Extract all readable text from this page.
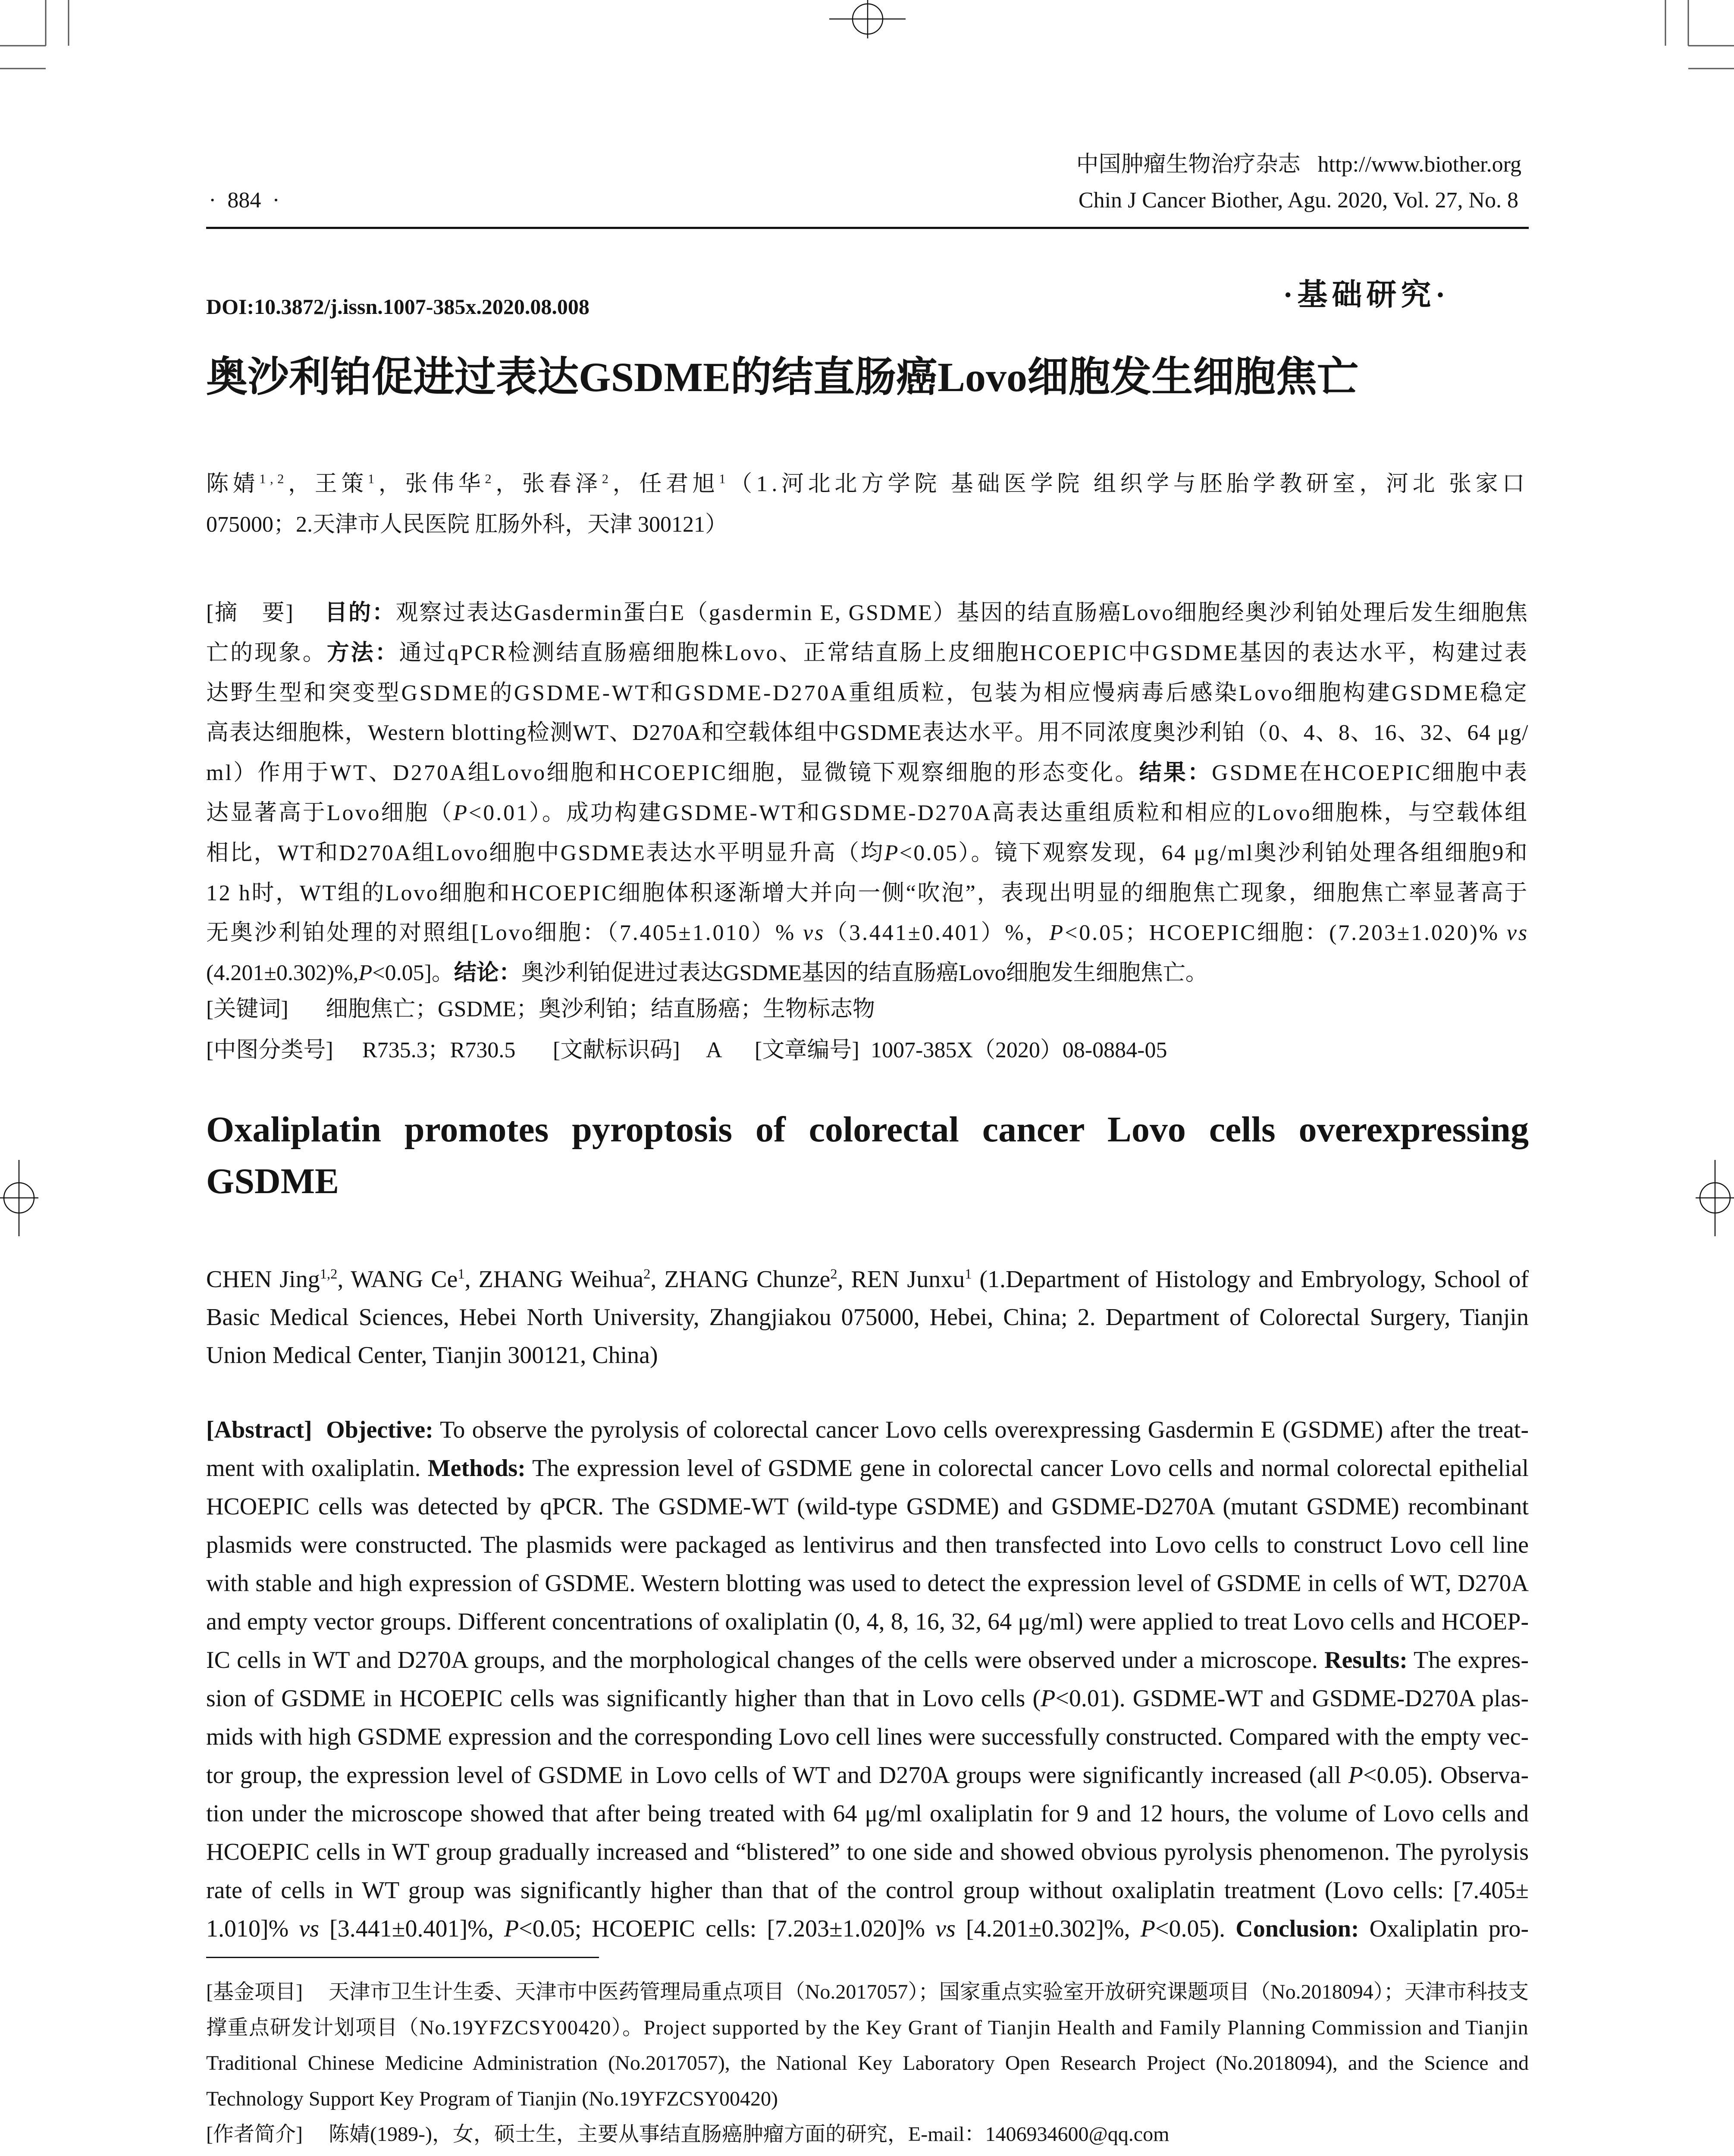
中国肿瘤生物治疗杂志 http://www.biother.org
·  884  ·	Chin J Cancer Biother, Agu. 2020, Vol. 27, No. 8
DOI:10.3872/j.issn.1007-385x.2020.08.008	·基础研究·
奥沙利铂促进过表达GSDME的结直肠癌Lovo细胞发生细胞焦亡
陈婧$^{1,2}$，王策$^1$，张伟华$^2$，张春泽$^2$，任君旭$^1$（1.河北北方学院 基础医学院 组织学与胚胎学教研室，河北 张家口
075000；2.天津市人民医院 肛肠外科，天津 300121）
[摘　要]　 目的：观察过表达Gasdermin蛋白E（gasdermin E, GSDME）基因的结直肠癌Lovo细胞经奥沙利铂处理后发生细胞焦
亡的现象。方法：通过qPCR检测结直肠癌细胞株Lovo、正常结直肠上皮细胞HCOEPIC中GSDME基因的表达水平，构建过表
达野生型和突变型GSDME的GSDME-WT和GSDME-D270A重组质粒，包装为相应慢病毒后感染Lovo细胞构建GSDME稳定
高表达细胞株，Western blotting检测WT、D270A和空载体组中GSDME表达水平。用不同浓度奥沙利铂（0、4、8、16、32、64 μg/
ml）作用于WT、D270A组Lovo细胞和HCOEPIC细胞，显微镜下观察细胞的形态变化。结果：GSDME在HCOEPIC细胞中表
达显著高于Lovo细胞（P<0.01）。成功构建GSDME-WT和GSDME-D270A高表达重组质粒和相应的Lovo细胞株，与空载体组
相比，WT和D270A组Lovo细胞中GSDME表达水平明显升高（均P<0.05）。镜下观察发现，64 μg/ml奥沙利铂处理各组细胞9和
12 h时，WT组的Lovo细胞和HCOEPIC细胞体积逐渐增大并向一侧“吹泡”，表现出明显的细胞焦亡现象，细胞焦亡率显著高于
无奥沙利铂处理的对照组[Lovo细胞：（7.405±1.010）% vs（3.441±0.401）%，P<0.05；HCOEPIC细胞：(7.203±1.020)% vs
(4.201±0.302)%,P<0.05]。结论：奥沙利铂促进过表达GSDME基因的结直肠癌Lovo细胞发生细胞焦亡。
[关键词] 细胞焦亡；GSDME；奥沙利铂；结直肠癌；生物标志物
[中图分类号] R735.3；R730.5 [文献标识码] A [文章编号] 1007-385X（2020）08-0884-05
Oxaliplatin promotes pyroptosis of colorectal cancer Lovo cells overexpressing
GSDME
CHEN Jing$^{1,2}$, WANG Ce$^1$, ZHANG Weihua$^2$, ZHANG Chunze$^2$, REN Junxu$^1$ (1.Department of Histology and Embryology, School of
Basic Medical Sciences, Hebei North University, Zhangjiakou 075000, Hebei, China; 2. Department of Colorectal Surgery, Tianjin
Union Medical Center, Tianjin 300121, China)
[Abstract]  Objective: To observe the pyrolysis of colorectal cancer Lovo cells overexpressing Gasdermin E (GSDME) after the treat-
ment with oxaliplatin. Methods: The expression level of GSDME gene in colorectal cancer Lovo cells and normal colorectal epithelial
HCOEPIC cells was detected by qPCR. The GSDME-WT (wild-type GSDME) and GSDME-D270A (mutant GSDME) recombinant
plasmids were constructed. The plasmids were packaged as lentivirus and then transfected into Lovo cells to construct Lovo cell line
with stable and high expression of GSDME. Western blotting was used to detect the expression level of GSDME in cells of WT, D270A
and empty vector groups. Different concentrations of oxaliplatin (0, 4, 8, 16, 32, 64 μg/ml) were applied to treat Lovo cells and HCOEP-
IC cells in WT and D270A groups, and the morphological changes of the cells were observed under a microscope. Results: The expres-
sion of GSDME in HCOEPIC cells was significantly higher than that in Lovo cells (P<0.01). GSDME-WT and GSDME-D270A plas-
mids with high GSDME expression and the corresponding Lovo cell lines were successfully constructed. Compared with the empty vec-
tor group, the expression level of GSDME in Lovo cells of WT and D270A groups were significantly increased (all P<0.05). Observa-
tion under the microscope showed that after being treated with 64 μg/ml oxaliplatin for 9 and 12 hours, the volume of Lovo cells and
HCOEPIC cells in WT group gradually increased and “blistered” to one side and showed obvious pyrolysis phenomenon. The pyrolysis
rate of cells in WT group was significantly higher than that of the control group without oxaliplatin treatment (Lovo cells: [7.405±
1.010]% vs [3.441±0.401]%, P<0.05; HCOEPIC cells: [7.203±1.020]% vs [4.201±0.302]%, P<0.05). Conclusion: Oxaliplatin pro-
[基金项目]　 天津市卫生计生委、天津市中医药管理局重点项目（No.2017057）；国家重点实验室开放研究课题项目（No.2018094）；天津市科技支
撑重点研发计划项目（No.19YFZCSY00420）。Project supported by the Key Grant of Tianjin Health and Family Planning Commission and Tianjin
Traditional Chinese Medicine Administration (No.2017057), the National Key Laboratory Open Research Project (No.2018094), and the Science and
Technology Support Key Program of Tianjin (No.19YFZCSY00420)
[作者简介]　 陈婧(1989-)，女，硕士生，主要从事结直肠癌肿瘤方面的研究，E-mail：1406934600@qq.com
